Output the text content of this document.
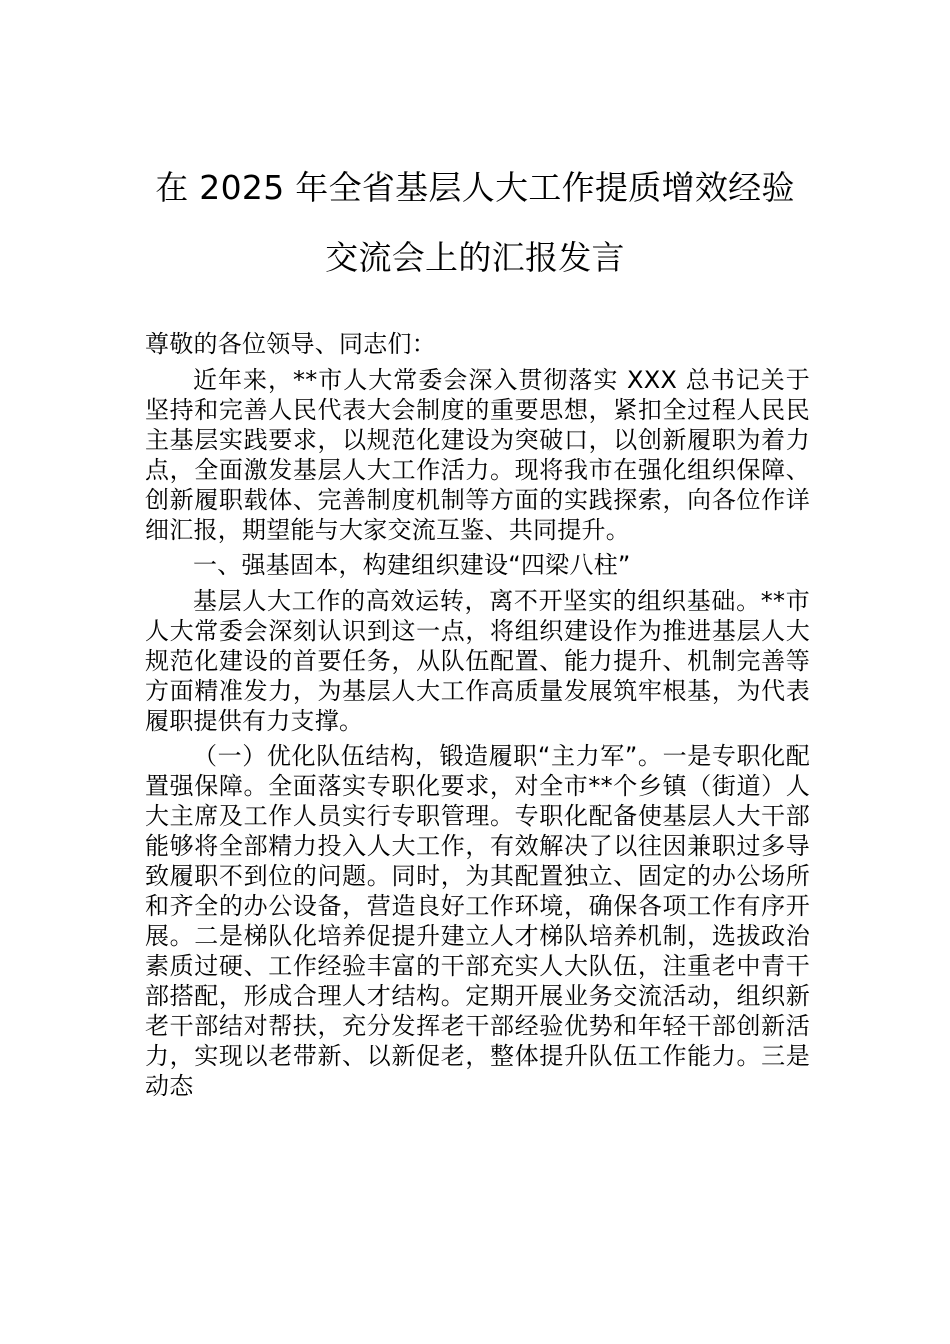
在 2025 年全省基层人大工作提质增效经验
交流会上的汇报发言

尊敬的各位领导、同志们：

近年来，**市人大常委会深入贯彻落实 XXX 总书记关于坚持和完善人民代表大会制度的重要思想，紧扣全过程人民民主基层实践要求，以规范化建设为突破口，以创新履职为着力点，全面激发基层人大工作活力。现将我市在强化组织保障、创新履职载体、完善制度机制等方面的实践探索，向各位作详细汇报，期望能与大家交流互鉴、共同提升。

一、强基固本，构建组织建设“四梁八柱”

基层人大工作的高效运转，离不开坚实的组织基础。**市人大常委会深刻认识到这一点，将组织建设作为推进基层人大规范化建设的首要任务，从队伍配置、能力提升、机制完善等方面精准发力，为基层人大工作高质量发展筑牢根基，为代表履职提供有力支撑。

（一）优化队伍结构，锻造履职“主力军”。一是专职化配置强保障。全面落实专职化要求，对全市**个乡镇（街道）人大主席及工作人员实行专职管理。专职化配备使基层人大干部能够将全部精力投入人大工作，有效解决了以往因兼职过多导致履职不到位的问题。同时，为其配置独立、固定的办公场所和齐全的办公设备，营造良好工作环境，确保各项工作有序开展。二是梯队化培养促提升建立人才梯队培养机制，选拔政治素质过硬、工作经验丰富的干部充实人大队伍，注重老中青干部搭配，形成合理人才结构。定期开展业务交流活动，组织新老干部结对帮扶，充分发挥老干部经验优势和年轻干部创新活力，实现以老带新、以新促老，整体提升队伍工作能力。三是动态
